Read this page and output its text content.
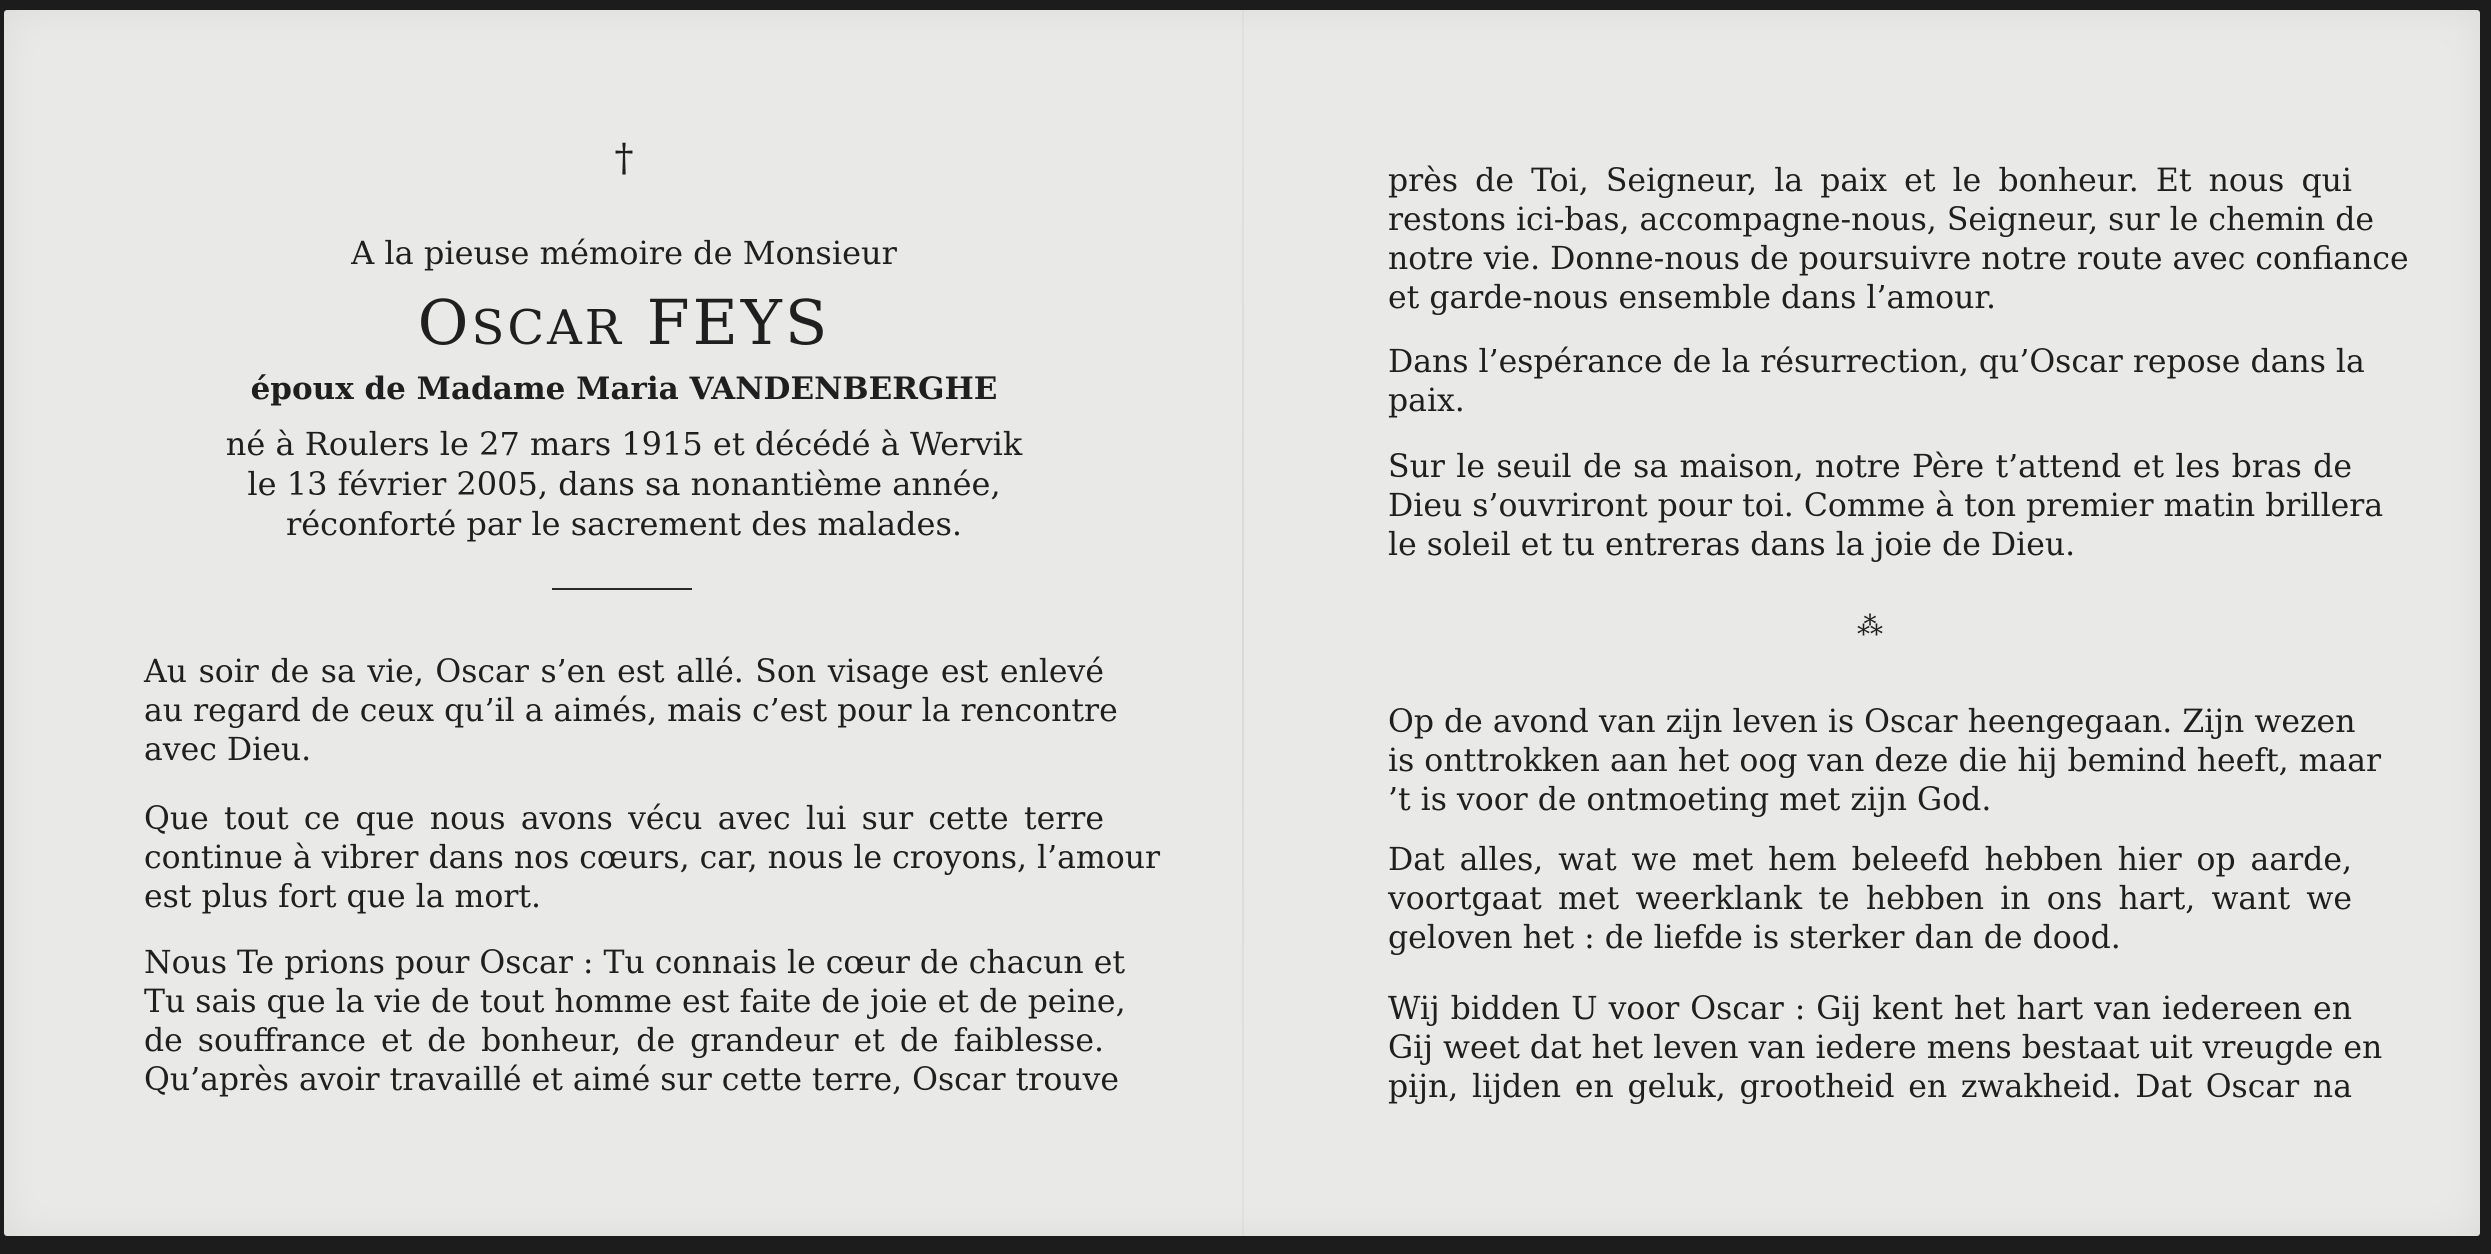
†
A la pieuse mémoire de Monsieur
OSCAR FEYS
époux de Madame Maria VANDENBERGHE
né à Roulers le 27 mars 1915 et décédé à Wervik
le 13 février 2005, dans sa nonantième année,
réconforté par le sacrement des malades.
Au soir de sa vie, Oscar s’en est allé. Son visage est enlevé
au regard de ceux qu’il a aimés, mais c’est pour la rencontre
avec Dieu.
Que tout ce que nous avons vécu avec lui sur cette terre
continue à vibrer dans nos cœurs, car, nous le croyons, l’amour
est plus fort que la mort.
Nous Te prions pour Oscar : Tu connais le cœur de chacun et
Tu sais que la vie de tout homme est faite de joie et de peine,
de souffrance et de bonheur, de grandeur et de faiblesse.
Qu’après avoir travaillé et aimé sur cette terre, Oscar trouve
près de Toi, Seigneur, la paix et le bonheur. Et nous qui
restons ici-bas, accompagne-nous, Seigneur, sur le chemin de
notre vie. Donne-nous de poursuivre notre route avec confiance
et garde-nous ensemble dans l’amour.
Dans l’espérance de la résurrection, qu’Oscar repose dans la
paix.
Sur le seuil de sa maison, notre Père t’attend et les bras de
Dieu s’ouvriront pour toi. Comme à ton premier matin brillera
le soleil et tu entreras dans la joie de Dieu.
⁂
Op de avond van zijn leven is Oscar heengegaan. Zijn wezen
is onttrokken aan het oog van deze die hij bemind heeft, maar
’t is voor de ontmoeting met zijn God.
Dat alles, wat we met hem beleefd hebben hier op aarde,
voortgaat met weerklank te hebben in ons hart, want we
geloven het : de liefde is sterker dan de dood.
Wij bidden U voor Oscar : Gij kent het hart van iedereen en
Gij weet dat het leven van iedere mens bestaat uit vreugde en
pijn, lijden en geluk, grootheid en zwakheid. Dat Oscar na
